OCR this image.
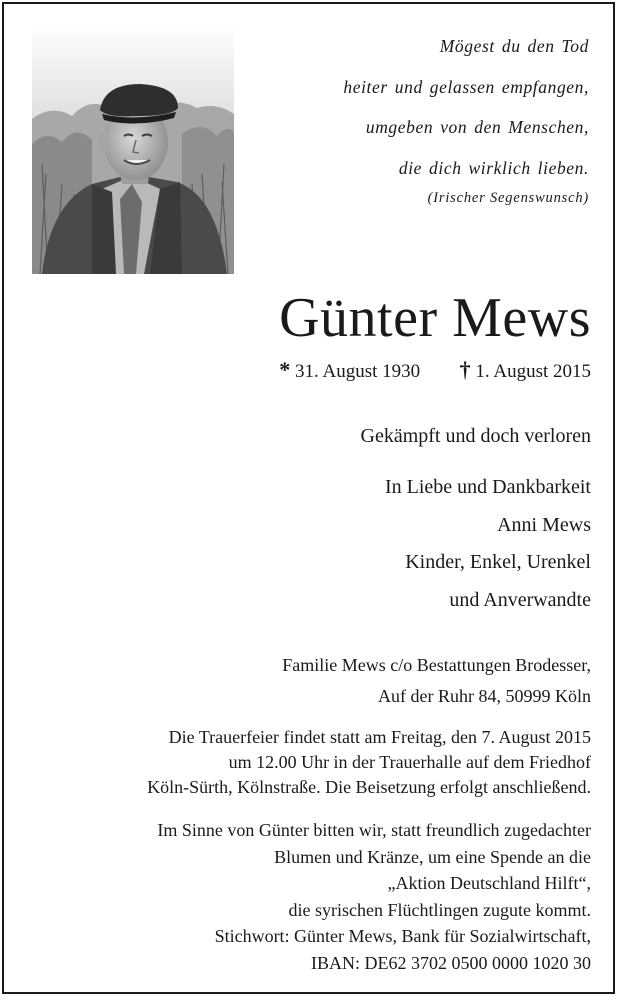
Mögest du den Tod
heiter und gelassen empfangen,
umgeben von den Menschen,
die dich wirklich lieben.
(Irischer Segenswunsch)
Günter Mews
* 31. August 1930 † 1. August 2015
Gekämpft und doch verloren
In Liebe und Dankbarkeit
Anni Mews
Kinder, Enkel, Urenkel
und Anverwandte
Familie Mews c/o Bestattungen Brodesser,
Auf der Ruhr 84, 50999 Köln
Die Trauerfeier findet statt am Freitag, den 7. August 2015
um 12.00 Uhr in der Trauerhalle auf dem Friedhof
Köln-Sürth, Kölnstraße. Die Beisetzung erfolgt anschließend.
Im Sinne von Günter bitten wir, statt freundlich zugedachter
Blumen und Kränze, um eine Spende an die
„Aktion Deutschland Hilft“,
die syrischen Flüchtlingen zugute kommt.
Stichwort: Günter Mews, Bank für Sozialwirtschaft,
IBAN: DE62 3702 0500 0000 1020 30
